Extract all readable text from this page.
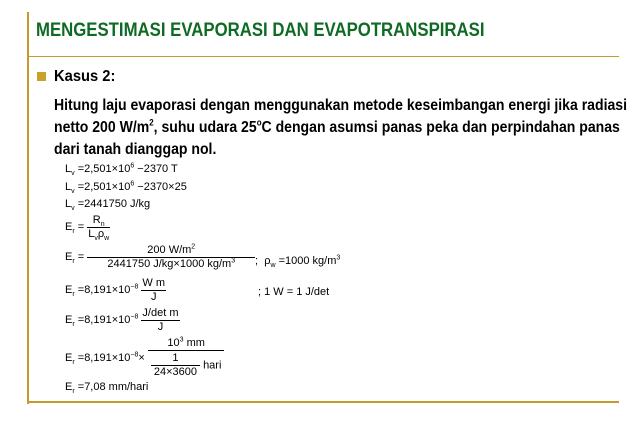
MENGESTIMASI EVAPORASI DAN EVAPOTRANSPIRASI
Kasus 2:
Hitung laju evaporasi dengan menggunakan metode keseimbangan energi jika radiasi
netto 200 $W/m^2$, suhu udara 25$^o$C dengan asumsi panas peka dan perpindahan panas
dari tanah dianggap nol.
$L_v =2,501\times 10^6 -2370$ T
$L_v =2,501\times 10^6 -2370\times 25$
$L_v =2441750$ J/kg
$E_r = \frac{R_n}{L_v\rho_w}$
$E_r = \frac{200 W/m^2}{2441750 J/kg\times 1000 kg/m^3}$ ; $\rho_w =1000$ $kg/m^3$
$E_r =8,191\times 10^{-8} \frac{\text{W m}}{J}$	; 1 W = 1 J/det
$E_r =8,191\times 10^{-8} \frac{\text{J/det m}}{J}$
$E_r =8,191\times 10^{-8}\times \frac{10^3 mm}{\frac{1}{24\times 3600} hari}$
$E_r =7,08$ mm/hari
